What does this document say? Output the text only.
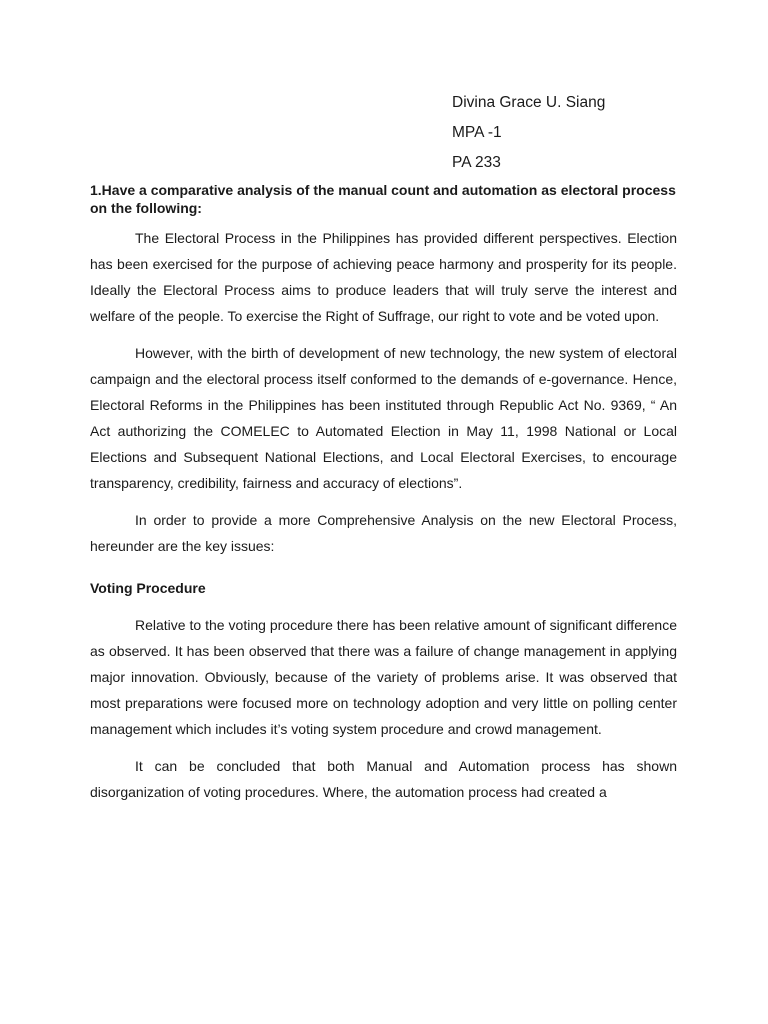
Divina Grace U. Siang
MPA -1
PA 233

1.Have a comparative analysis of the manual count and automation as electoral process on the following:

The Electoral Process in the Philippines has provided different perspectives. Election has been exercised for the purpose of achieving peace harmony and prosperity for its people. Ideally the Electoral Process aims to produce leaders that will truly serve the interest and welfare of the people. To exercise the Right of Suffrage, our right to vote and be voted upon.

However, with the birth of development of new technology, the new system of electoral campaign and the electoral process itself conformed to the demands of e-governance. Hence, Electoral Reforms in the Philippines has been instituted through Republic Act No. 9369, “ An Act authorizing the COMELEC to Automated Election in May 11, 1998 National or Local Elections and Subsequent National Elections, and Local Electoral Exercises, to encourage transparency, credibility, fairness and accuracy of elections”.

In order to provide a more Comprehensive Analysis on the new Electoral Process, hereunder are the key issues:

Voting Procedure

Relative to the voting procedure there has been relative amount of significant difference as observed. It has been observed that there was a failure of change management in applying major innovation. Obviously, because of the variety of problems arise. It was observed that most preparations were focused more on technology adoption and very little on polling center management which includes it’s voting system procedure and crowd management.

It can be concluded that both Manual and Automation process has shown disorganization of voting procedures. Where, the automation process had created a
